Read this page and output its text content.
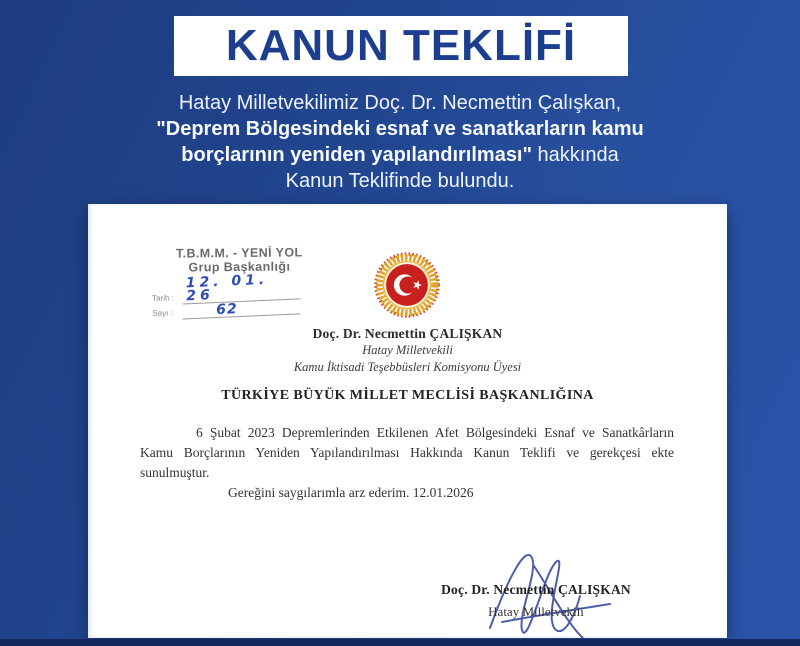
KANUN TEKLİFİ
Hatay Milletvekilimiz Doç. Dr. Necmettin Çalışkan,
"Deprem Bölgesindeki esnaf ve sanatkarların kamu borçlarının yeniden yapılandırılması" hakkında
Kanun Teklifinde bulundu.
T.B.M.M. - YENİ YOL
Grup Başkanlığı
Tarih :
12. 01. 26
Sayı :	62
Doç. Dr. Necmettin ÇALIŞKAN
Hatay Milletvekili
Kamu İktisadi Teşebbüsleri Komisyonu Üyesi
TÜRKİYE BÜYÜK MİLLET MECLİSİ BAŞKANLIĞINA

6 Şubat 2023 Depremlerinden Etkilenen Afet Bölgesindeki Esnaf ve Sanatkârların Kamu Borçlarının Yeniden Yapılandırılması Hakkında Kanun Teklifi ve gerekçesi ekte sunulmuştur.

Gereğini saygılarımla arz ederim. 12.01.2026

Doç. Dr. Necmettin ÇALIŞKAN
Hatay Milletvekili
